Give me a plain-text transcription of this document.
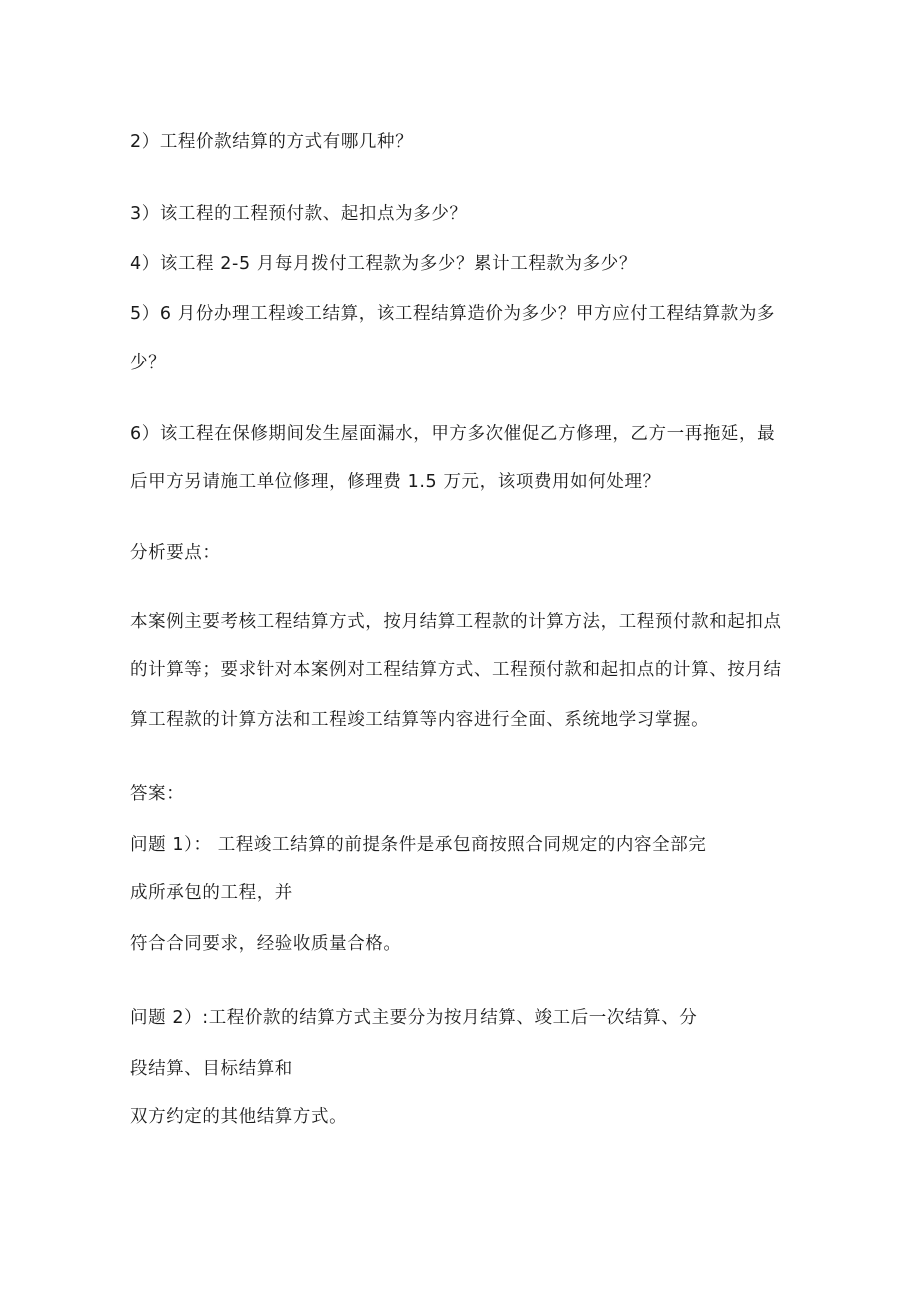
2）工程价款结算的方式有哪几种？
3）该工程的工程预付款、起扣点为多少？
4）该工程 2-5 月每月拨付工程款为多少？累计工程款为多少？
5）6 月份办理工程竣工结算，该工程结算造价为多少？甲方应付工程结算款为多
少？
6）该工程在保修期间发生屋面漏水，甲方多次催促乙方修理，乙方一再拖延，最
后甲方另请施工单位修理，修理费 1.5 万元，该项费用如何处理？
分析要点：
本案例主要考核工程结算方式，按月结算工程款的计算方法，工程预付款和起扣点
的计算等；要求针对本案例对工程结算方式、工程预付款和起扣点的计算、按月结
算工程款的计算方法和工程竣工结算等内容进行全面、系统地学习掌握。
答案：
问题 1）： 工程竣工结算的前提条件是承包商按照合同规定的内容全部完
成所承包的工程，并
符合合同要求，经验收质量合格。
问题 2）:工程价款的结算方式主要分为按月结算、竣工后一次结算、分
段结算、目标结算和
双方约定的其他结算方式。
